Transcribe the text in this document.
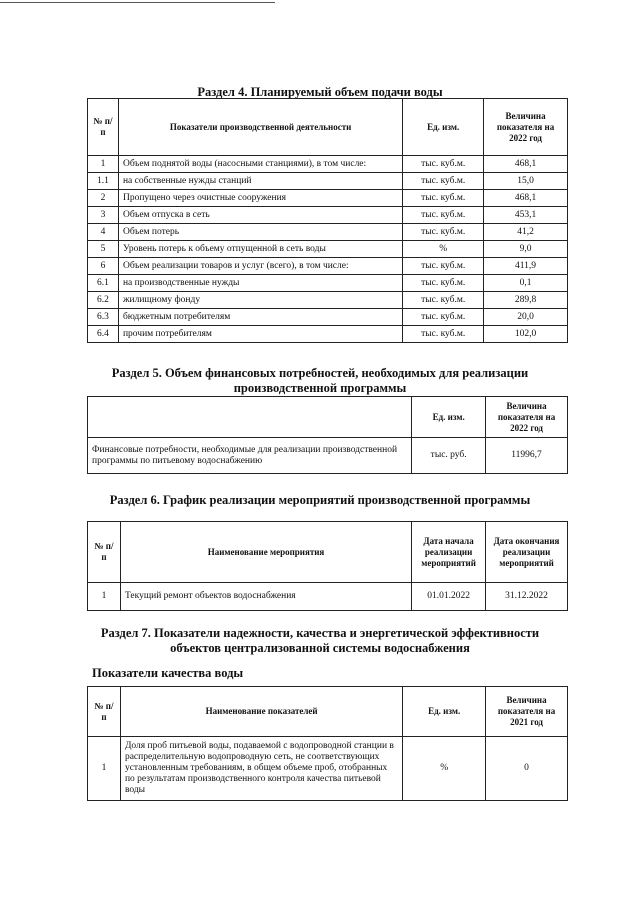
Раздел 4. Планируемый объем подачи воды
№ п/п	Показатели производственной деятельности	Ед. изм.	Величина показателя на 2022 год
1	Объем поднятой воды (насосными станциями), в том числе:	тыс. куб.м.	468,1
1.1	на собственные нужды станций	тыс. куб.м.	15,0
2	Пропущено через очистные сооружения	тыс. куб.м.	468,1
3	Объем отпуска в сеть	тыс. куб.м.	453,1
4	Объем потерь	тыс. куб.м.	41,2
5	Уровень потерь к объему отпущенной в сеть воды	%	9,0
6	Объем реализации товаров и услуг (всего), в том числе:	тыс. куб.м.	411,9
6.1	на производственные нужды	тыс. куб.м.	0,1
6.2	жилищному фонду	тыс. куб.м.	289,8
6.3	бюджетным потребителям	тыс. куб.м.	20,0
6.4	прочим потребителям	тыс. куб.м.	102,0
Раздел 5. Объем финансовых потребностей, необходимых для реализации
производственной программы
	Ед. изм.	Величина показателя на 2022 год
Финансовые потребности, необходимые для реализации производственной программы по питьевому водоснабжению	тыс. руб.	11996,7
Раздел 6. График реализации мероприятий производственной программы
№ п/п	Наименование мероприятия	Дата начала реализации мероприятий	Дата окончания реализации мероприятий
1	Текущий ремонт объектов водоснабжения	01.01.2022	31.12.2022
Раздел 7. Показатели надежности, качества и энергетической эффективности
объектов централизованной системы водоснабжения
Показатели качества воды
№ п/п	Наименование показателей	Ед. изм.	Величина показателя на 2021 год
1	Доля проб питьевой воды, подаваемой с водопроводной станции в распределительную водопроводную сеть, не соответствующих установленным требованиям, в общем объеме проб, отобранных по результатам производственного контроля качества питьевой воды	%	0
